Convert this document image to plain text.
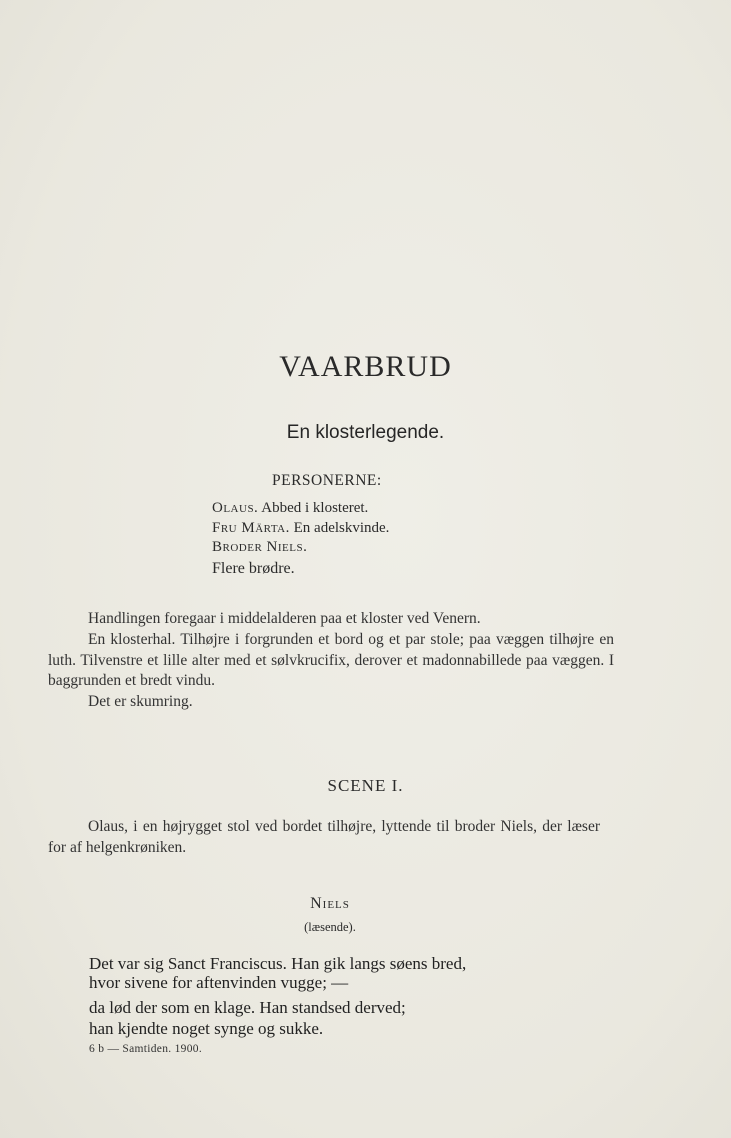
VAARBRUD
En klosterlegende.
PERSONERNE:
Olaus. Abbed i klosteret.
Fru Märta. En adelskvinde.
Broder Niels.
Flere brødre.
Handlingen foregaar i middelalderen paa et kloster ved Venern.
En klosterhal. Tilhøjre i forgrunden et bord og et par stole; paa væggen tilhøjre en luth. Tilvenstre et lille alter med et sølvkrucifix, derover et madonnabillede paa væggen. I baggrunden et bredt vindu.
Det er skumring.
SCENE I.
Olaus, i en højrygget stol ved bordet tilhøjre, lyttende til broder Niels, der læser for af helgenkrøniken.
Niels
(læsende).
Det var sig Sanct Franciscus. Han gik langs søens bred,
hvor sivene for aftenvinden vugge; —
da lød der som en klage. Han standsed derved;
han kjendte noget synge og sukke.
6 b — Samtiden. 1900.
